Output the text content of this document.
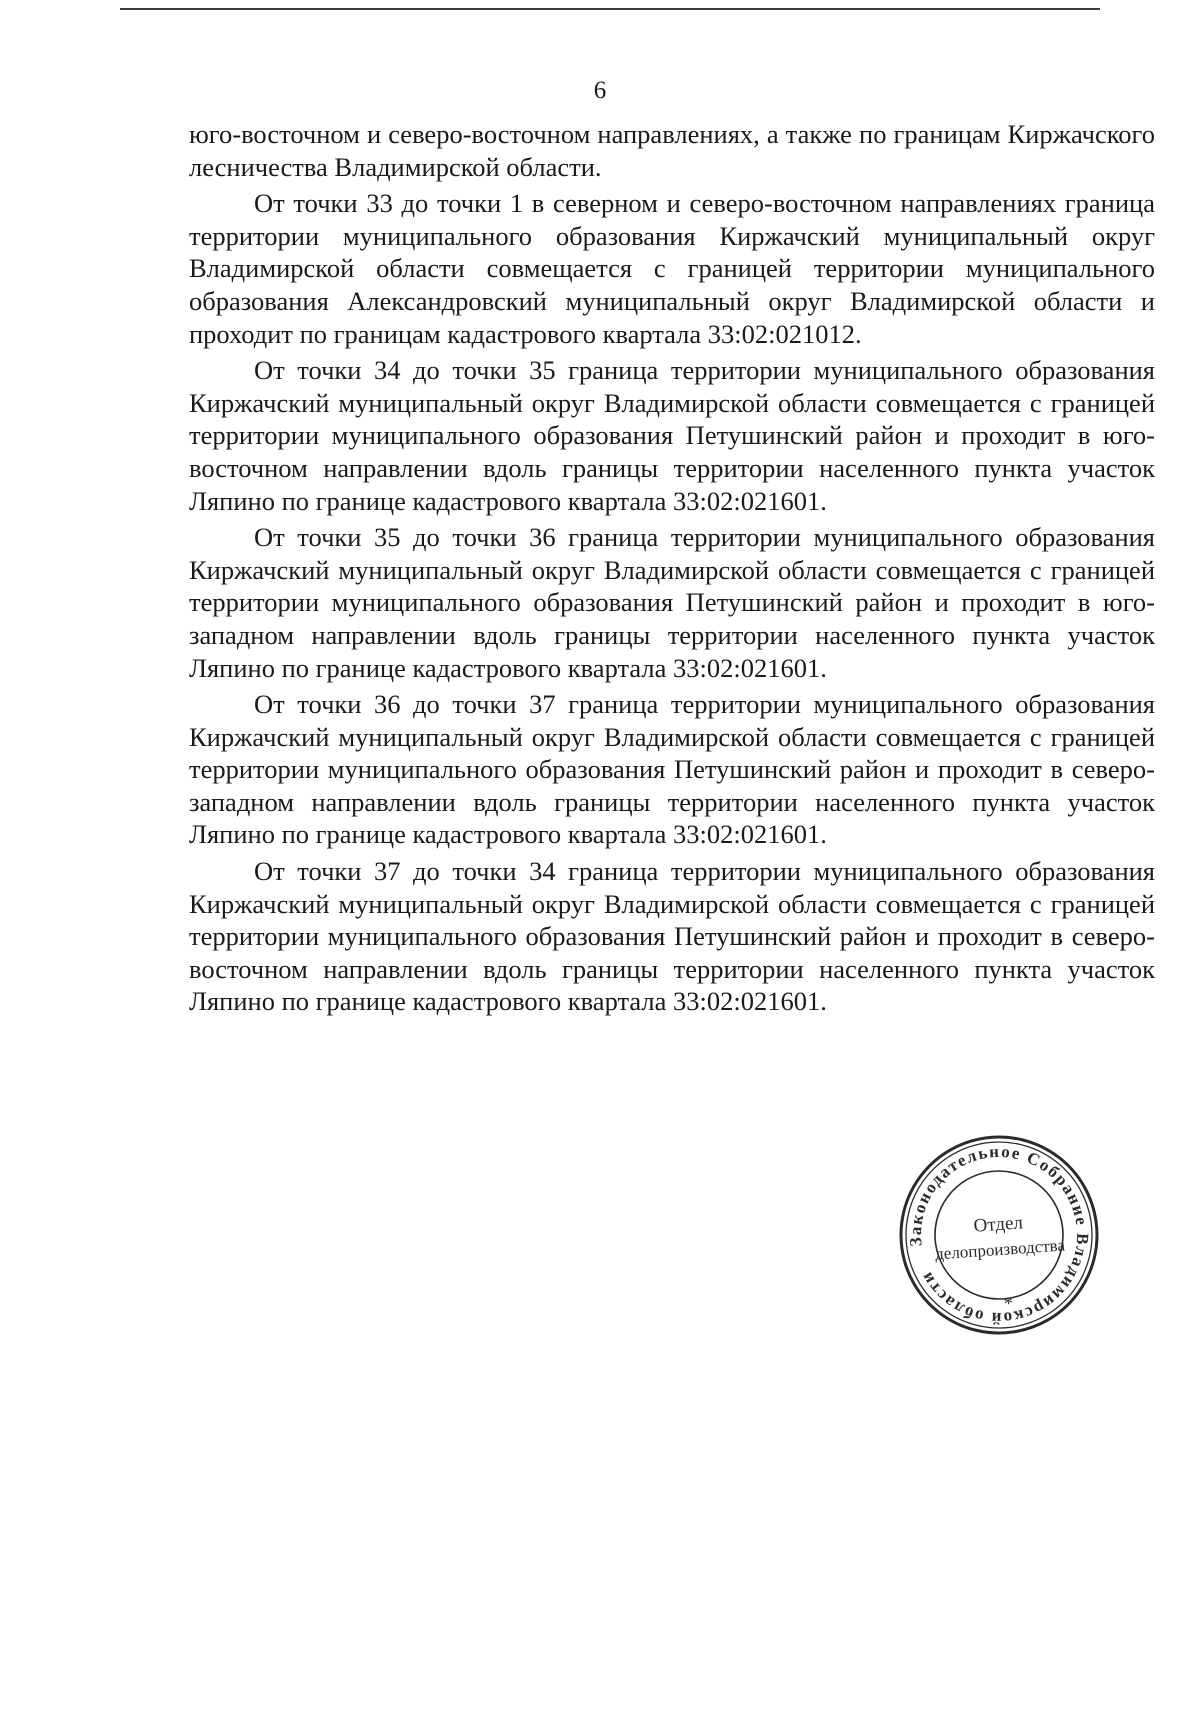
6

юго-восточном и северо-восточном направлениях, а также по границам Киржачского лесничества Владимирской области.

От точки 33 до точки 1 в северном и северо-восточном направлениях граница территории муниципального образования Киржачский муниципальный округ Владимирской области совмещается с границей территории муниципального образования Александровский муниципальный округ Владимирской области и проходит по границам кадастрового квартала 33:02:021012.

От точки 34 до точки 35 граница территории муниципального образования Киржачский муниципальный округ Владимирской области совмещается с границей территории муниципального образования Петушинский район и проходит в юго-восточном направлении вдоль границы территории населенного пункта участок Ляпино по границе кадастрового квартала 33:02:021601.

От точки 35 до точки 36 граница территории муниципального образования Киржачский муниципальный округ Владимирской области совмещается с границей территории муниципального образования Петушинский район и проходит в юго-западном направлении вдоль границы территории населенного пункта участок Ляпино по границе кадастрового квартала 33:02:021601.

От точки 36 до точки 37 граница территории муниципального образования Киржачский муниципальный округ Владимирской области совмещается с границей территории муниципального образования Петушинский район и проходит в северо-западном направлении вдоль границы территории населенного пункта участок Ляпино по границе кадастрового квартала 33:02:021601.

От точки 37 до точки 34 граница территории муниципального образования Киржачский муниципальный округ Владимирской области совмещается с границей территории муниципального образования Петушинский район и проходит в северо-восточном направлении вдоль границы территории населенного пункта участок Ляпино по границе кадастрового квартала 33:02:021601.

Законодательное Собрание Владимирской области
*
Отдел
делопроизводства
